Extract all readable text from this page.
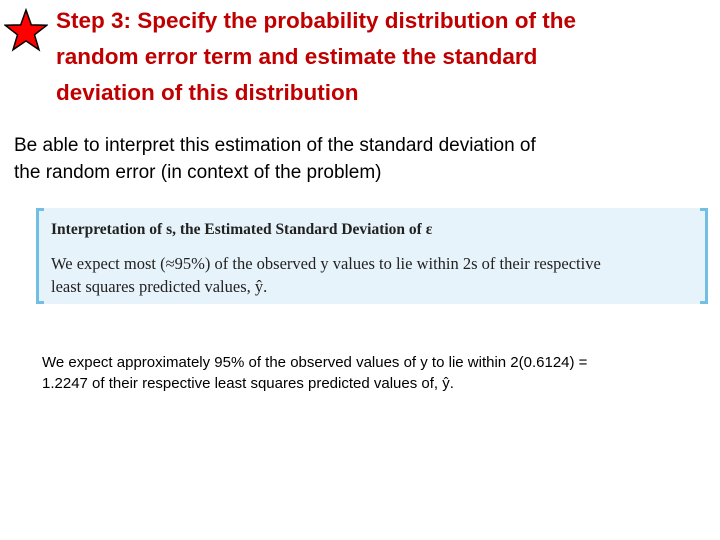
Step 3: Specify the probability distribution of the
random error term and estimate the standard
deviation of this distribution
Be able to interpret this estimation of the standard deviation of
the random error (in context of the problem)
Interpretation of s, the Estimated Standard Deviation of ε
We expect most (≈95%) of the observed y values to lie within 2s of their respective
least squares predicted values, ŷ.
We expect approximately 95% of the observed values of y to lie within 2(0.6124) =
1.2247 of their respective least squares predicted values of, ŷ.
